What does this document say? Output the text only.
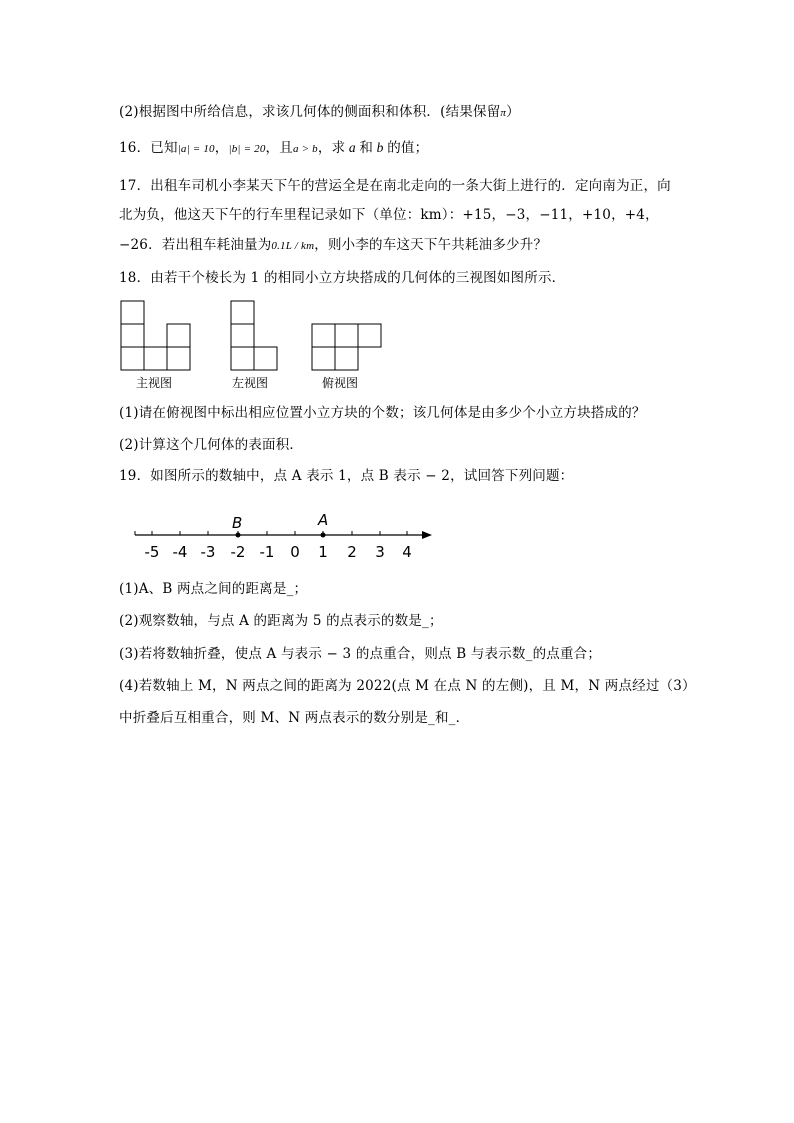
(2)根据图中所给信息，求该几何体的侧面积和体积．(结果保留π）
16．已知|a| = 10，|b| = 20，且a > b，求 a 和 b 的值；
17．出租车司机小李某天下午的营运全是在南北走向的一条大街上进行的．定向南为正，向
北为负，他这天下午的行车里程记录如下（单位：km）：+15，−3，−11，+10，+4，
−26．若出租车耗油量为0.1L / km，则小李的车这天下午共耗油多少升？
18．由若干个棱长为 1 的相同小立方块搭成的几何体的三视图如图所示．
主视图	左视图	俯视图
(1)请在俯视图中标出相应位置小立方块的个数；该几何体是由多少个小立方块搭成的？
(2)计算这个几何体的表面积．
19．如图所示的数轴中，点 A 表示 1，点 B 表示 − 2，试回答下列问题：
-5 -4 -3 -2 -1 0 1 2 3 4
B	A
(1)A、B 两点之间的距离是_；
(2)观察数轴，与点 A 的距离为 5 的点表示的数是_；
(3)若将数轴折叠，使点 A 与表示 − 3 的点重合，则点 B 与表示数_的点重合；
(4)若数轴上 M，N 两点之间的距离为 2022(点 M 在点 N 的左侧)，且 M，N 两点经过（3）
中折叠后互相重合，则 M、N 两点表示的数分别是_和_．
